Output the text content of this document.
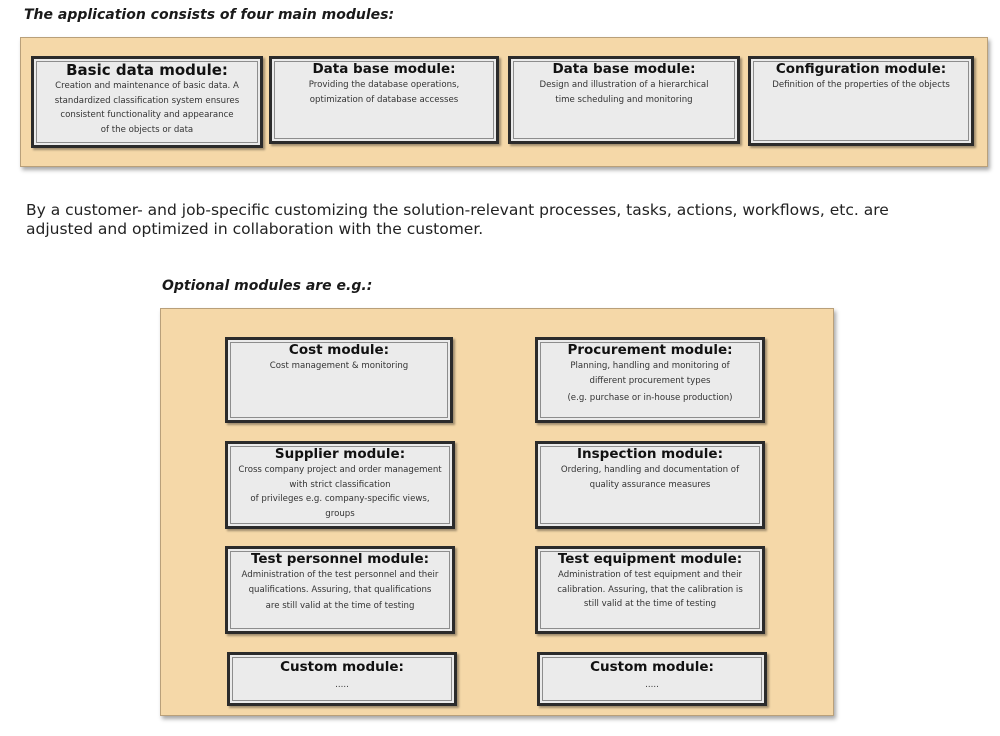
The application consists of four main modules:
Basic data module:
Creation and maintenance of basic data. A
standardized classification system ensures
consistent functionality and appearance
of the objects or data
Data base module:
Providing the database operations,
optimization of database accesses
Data base module:
Design and illustration of a hierarchical
time scheduling and monitoring
Configuration module:
Definition of the properties of the objects
By a customer- and job-specific customizing the solution-relevant processes, tasks, actions, workflows, etc. are
adjusted and optimized in collaboration with the customer.
Optional modules are e.g.:
Cost module:
Cost management & monitoring
Procurement module:
Planning, handling and monitoring of
different procurement types
(e.g. purchase or in-house production)
Supplier module:
Cross company project and order management
with strict classification
of privileges e.g. company-specific views,
groups
Inspection module:
Ordering, handling and documentation of
quality assurance measures
Test personnel module:
Administration of the test personnel and their
qualifications. Assuring, that qualifications
are still valid at the time of testing
Test equipment module:
Administration of test equipment and their
calibration. Assuring, that the calibration is
still valid at the time of testing
Custom module:
.....
Custom module:
.....
